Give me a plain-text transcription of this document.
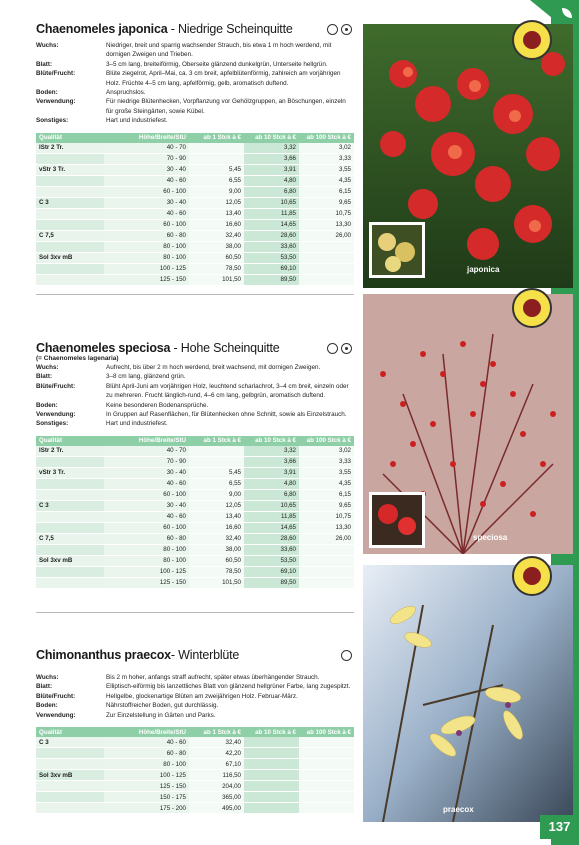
Chaenomeles japonica - Niedrige Scheinquitte
Wuchs:	Niedriger, breit und sparrig wachsender Strauch, bis etwa 1 m hoch werdend, mit dornigen Zweigen und Trieben.
Blatt:	3–5 cm lang, breiteiförmig, Oberseite glänzend dunkelgrün, Unterseite hellgrün.
Blüte/Frucht:	Blüte ziegelrot, April–Mai, ca. 3 cm breit, apfelblütenförmig, zahlreich am vorjährigen Holz. Früchte 4–5 cm lang, apfelförmig, gelb, aromatisch duftend.
Boden:	Anspruchslos.
Verwendung:	Für niedrige Blütenhecken, Vorpflanzung vor Gehölzgruppen, an Böschungen, einzeln für große Steingärten, sowie Kübel.
Sonstiges:	Hart und industriefest.
Qualität	Höhe/Breite/StU	ab 1 Stck à €	ab 10 Stck à €	ab 100 Stck à €
lStr 2 Tr.	40 - 70		3,32	3,02
	70 - 90		3,66	3,33
vStr 3 Tr.	30 - 40	5,45	3,91	3,55
	40 - 60	6,55	4,80	4,35
	60 - 100	9,00	6,80	6,15
C 3	30 - 40	12,05	10,65	9,65
	40 - 60	13,40	11,85	10,75
	60 - 100	16,60	14,65	13,30
C 7,5	60 - 80	32,40	28,60	26,00
	80 - 100	38,00	33,60	
Sol 3xv mB	80 - 100	60,50	53,50	
	100 - 125	78,50	69,10	
	125 - 150	101,50	89,50	
Chaenomeles speciosa - Hohe Scheinquitte
(= Chaenomeles lagenaria)
Wuchs:	Aufrecht, bis über 2 m hoch werdend, breit wachsend, mit dornigen Zweigen.
Blatt:	3–8 cm lang, glänzend grün.
Blüte/Frucht:	Blüht April-Juni am vorjährigen Holz, leuchtend scharlachrot, 3–4 cm breit, einzeln oder zu mehreren. Frucht länglich-rund, 4–6 cm lang, gelbgrün, aromatisch duftend.
Boden:	Keine besonderen Bodenansprüche.
Verwendung:	In Gruppen auf Rasenflächen, für Blütenhecken ohne Schnitt, sowie als Einzelstrauch.
Sonstiges:	Hart und industriefest.
Qualität	Höhe/Breite/StU	ab 1 Stck à €	ab 10 Stck à €	ab 100 Stck à €
lStr 2 Tr.	40 - 70		3,32	3,02
	70 - 90		3,66	3,33
vStr 3 Tr.	30 - 40	5,45	3,91	3,55
	40 - 60	6,55	4,80	4,35
	60 - 100	9,00	6,80	6,15
C 3	30 - 40	12,05	10,65	9,65
	40 - 60	13,40	11,85	10,75
	60 - 100	16,60	14,65	13,30
C 7,5	60 - 80	32,40	28,60	26,00
	80 - 100	38,00	33,60	
Sol 3xv mB	80 - 100	60,50	53,50	
	100 - 125	78,50	69,10	
	125 - 150	101,50	89,50	
Chimonanthus praecox- Winterblüte
Wuchs:	Bis 2 m hoher, anfangs straff aufrecht, später etwas überhängender Strauch.
Blatt:	Elliptisch-eiförmig bis lanzettliches Blatt von glänzend hellgrüner Farbe, lang zugespitzt.
Blüte/Frucht:	Hellgelbe, glockenartige Blüten am zweijährigen Holz. Februar-März.
Boden:	Nährstoffreicher Boden, gut durchlässig.
Verwendung:	Zur Einzelstellung in Gärten und Parks.
Qualität	Höhe/Breite/StU	ab 1 Stck à €	ab 10 Stck à €	ab 100 Stck à €
C 3	40 - 60	32,40		
	60 - 80	42,20		
	80 - 100	67,10		
Sol 3xv mB	100 - 125	116,50		
	125 - 150	204,00		
	150 - 175	365,00		
	175 - 200	495,00		
japonica
speciosa
praecox
137
